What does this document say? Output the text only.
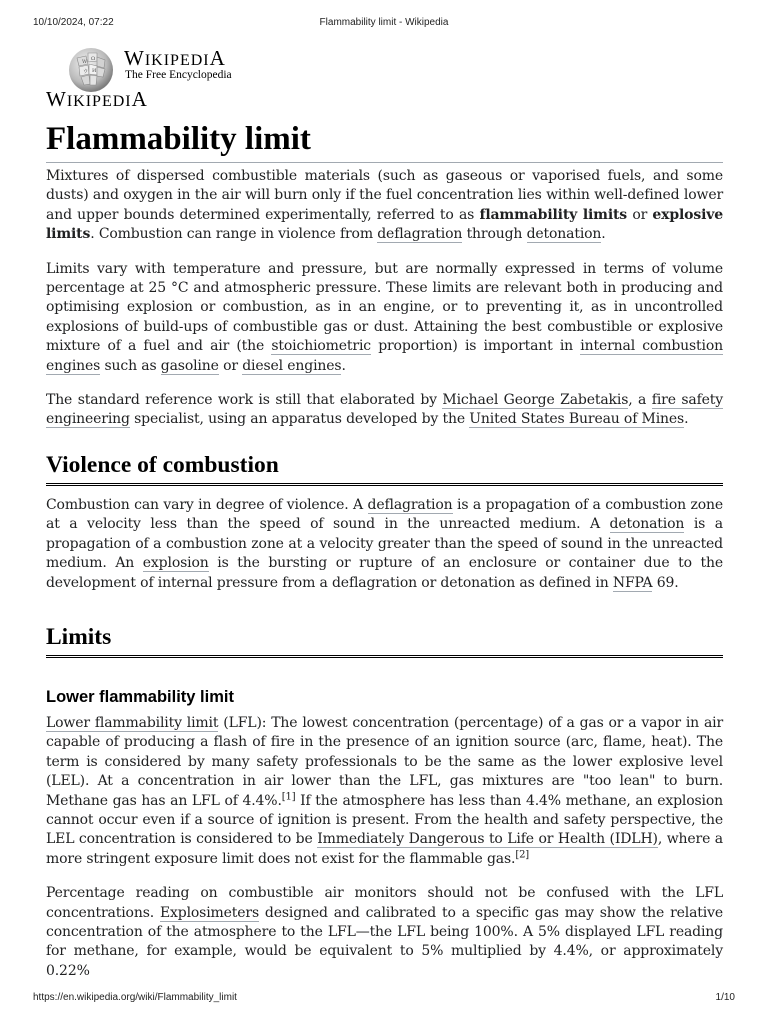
10/10/2024, 07:22	Flammability limit - Wikipedia
W Ω
И
ウ
WIKIPEDIA
The Free Encyclopedia
WIKIPEDIA
Flammability limit

Mixtures of dispersed combustible materials (such as gaseous or vaporised fuels, and some dusts) and oxygen in the air will burn only if the fuel concentration lies within well-defined lower and upper bounds determined experimentally, referred to as flammability limits or explosive limits. Combustion can range in violence from deflagration through detonation.

Limits vary with temperature and pressure, but are normally expressed in terms of volume percentage at 25 °C and atmospheric pressure. These limits are relevant both in producing and optimising explosion or combustion, as in an engine, or to preventing it, as in uncontrolled explosions of build-ups of combustible gas or dust. Attaining the best combustible or explosive mixture of a fuel and air (the stoichiometric proportion) is important in internal combustion engines such as gasoline or diesel engines.

The standard reference work is still that elaborated by Michael George Zabetakis, a fire safety engineering specialist, using an apparatus developed by the United States Bureau of Mines.

Violence of combustion

Combustion can vary in degree of violence. A deflagration is a propagation of a combustion zone at a velocity less than the speed of sound in the unreacted medium. A detonation is a propagation of a combustion zone at a velocity greater than the speed of sound in the unreacted medium. An explosion is the bursting or rupture of an enclosure or container due to the development of internal pressure from a deflagration or detonation as defined in NFPA 69.

Limits
Lower flammability limit

Lower flammability limit (LFL): The lowest concentration (percentage) of a gas or a vapor in air capable of producing a flash of fire in the presence of an ignition source (arc, flame, heat). The term is considered by many safety professionals to be the same as the lower explosive level (LEL). At a concentration in air lower than the LFL, gas mixtures are "too lean" to burn. Methane gas has an LFL of 4.4%.[1] If the atmosphere has less than 4.4% methane, an explosion cannot occur even if a source of ignition is present. From the health and safety perspective, the LEL concentration is considered to be Immediately Dangerous to Life or Health (IDLH), where a more stringent exposure limit does not exist for the flammable gas.[2]

Percentage reading on combustible air monitors should not be confused with the LFL concentrations. Explosimeters designed and calibrated to a specific gas may show the relative concentration of the atmosphere to the LFL—the LFL being 100%. A 5% displayed LFL reading for methane, for example, would be equivalent to 5% multiplied by 4.4%, or approximately 0.22%

https://en.wikipedia.org/wiki/Flammability_limit	1/10
